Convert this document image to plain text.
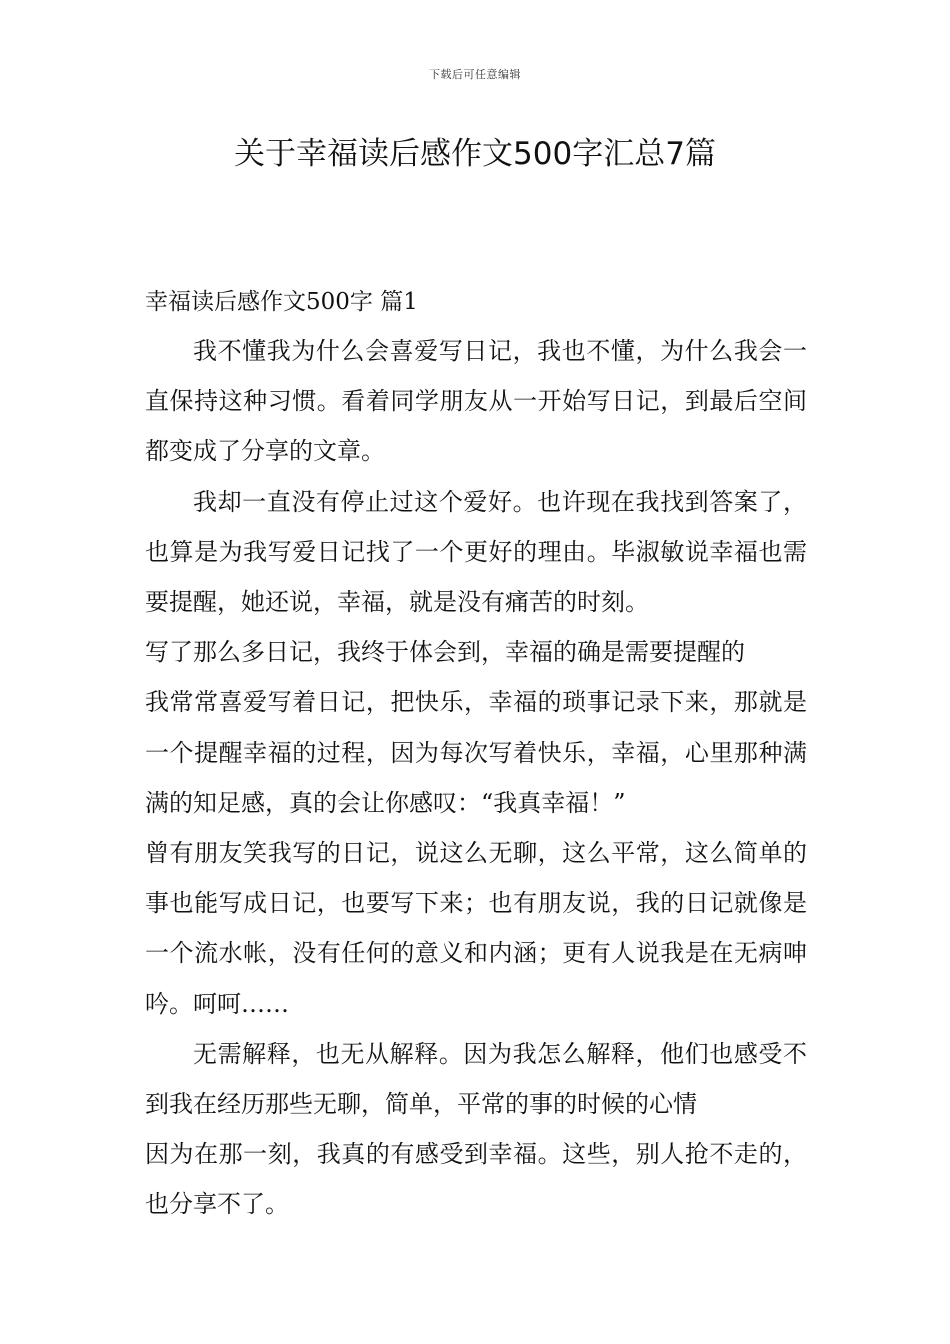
下载后可任意编辑
关于幸福读后感作文500字汇总7篇
幸福读后感作文500字 篇1

我不懂我为什么会喜爱写日记，我也不懂，为什么我会一直保持这种习惯。看着同学朋友从一开始写日记，到最后空间都变成了分享的文章。

我却一直没有停止过这个爱好。也许现在我找到答案了，也算是为我写爱日记找了一个更好的理由。毕淑敏说幸福也需要提醒，她还说，幸福，就是没有痛苦的时刻。

写了那么多日记，我终于体会到，幸福的确是需要提醒的

我常常喜爱写着日记，把快乐，幸福的琐事记录下来，那就是一个提醒幸福的过程，因为每次写着快乐，幸福，心里那种满满的知足感，真的会让你感叹：“我真幸福！”

曾有朋友笑我写的日记，说这么无聊，这么平常，这么简单的事也能写成日记，也要写下来；也有朋友说，我的日记就像是一个流水帐，没有任何的意义和内涵；更有人说我是在无病呻吟。呵呵……

无需解释，也无从解释。因为我怎么解释，他们也感受不到我在经历那些无聊，简单，平常的事的时候的心情

因为在那一刻，我真的有感受到幸福。这些，别人抢不走的，也分享不了。
